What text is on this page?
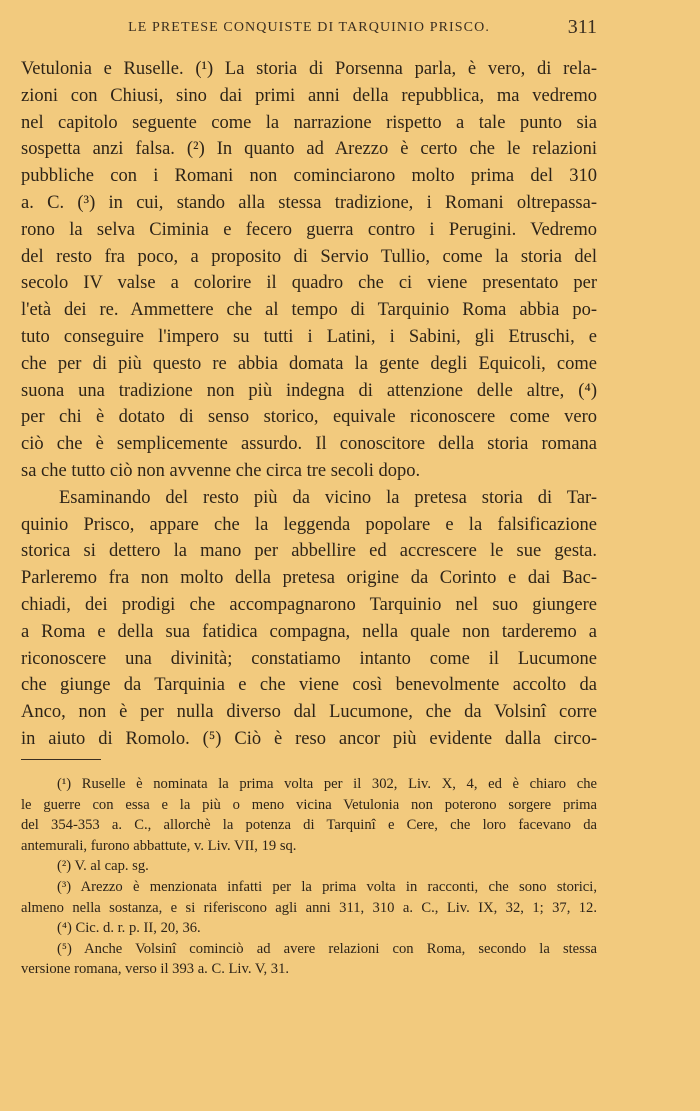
LE PRETESE CONQUISTE DI TARQUINIO PRISCO.	311
Vetulonia e Ruselle. (¹) La storia di Porsenna parla, è vero, di rela-
zioni con Chiusi, sino dai primi anni della repubblica, ma vedremo
nel capitolo seguente come la narrazione rispetto a tale punto sia
sospetta anzi falsa. (²) In quanto ad Arezzo è certo che le relazioni
pubbliche con i Romani non cominciarono molto prima del 310
a. C. (³) in cui, stando alla stessa tradizione, i Romani oltrepassa-
rono la selva Ciminia e fecero guerra contro i Perugini. Vedremo
del resto fra poco, a proposito di Servio Tullio, come la storia del
secolo IV valse a colorire il quadro che ci viene presentato per
l'età dei re. Ammettere che al tempo di Tarquinio Roma abbia po-
tuto conseguire l'impero su tutti i Latini, i Sabini, gli Etruschi, e
che per di più questo re abbia domata la gente degli Equicoli, come
suona una tradizione non più indegna di attenzione delle altre, (⁴)
per chi è dotato di senso storico, equivale riconoscere come vero
ciò che è semplicemente assurdo. Il conoscitore della storia romana
sa che tutto ciò non avvenne che circa tre secoli dopo.
Esaminando del resto più da vicino la pretesa storia di Tar-
quinio Prisco, appare che la leggenda popolare e la falsificazione
storica si dettero la mano per abbellire ed accrescere le sue gesta.
Parleremo fra non molto della pretesa origine da Corinto e dai Bac-
chiadi, dei prodigi che accompagnarono Tarquinio nel suo giungere
a Roma e della sua fatidica compagna, nella quale non tarderemo a
riconoscere una divinità; constatiamo intanto come il Lucumone
che giunge da Tarquinia e che viene così benevolmente accolto da
Anco, non è per nulla diverso dal Lucumone, che da Volsinî corre
in aiuto di Romolo. (⁵) Ciò è reso ancor più evidente dalla circo-
(¹) Ruselle è nominata la prima volta per il 302, Liv. X, 4, ed è chiaro che
le guerre con essa e la più o meno vicina Vetulonia non poterono sorgere prima
del 354-353 a. C., allorchè la potenza di Tarquinî e Cere, che loro facevano da
antemurali, furono abbattute, v. Liv. VII, 19 sq.
(²) V. al cap. sg.
(³) Arezzo è menzionata infatti per la prima volta in racconti, che sono storici,
almeno nella sostanza, e si riferiscono agli anni 311, 310 a. C., Liv. IX, 32, 1; 37, 12.
(⁴) Cic. d. r. p. II, 20, 36.
(⁵) Anche Volsinî cominciò ad avere relazioni con Roma, secondo la stessa
versione romana, verso il 393 a. C. Liv. V, 31.
